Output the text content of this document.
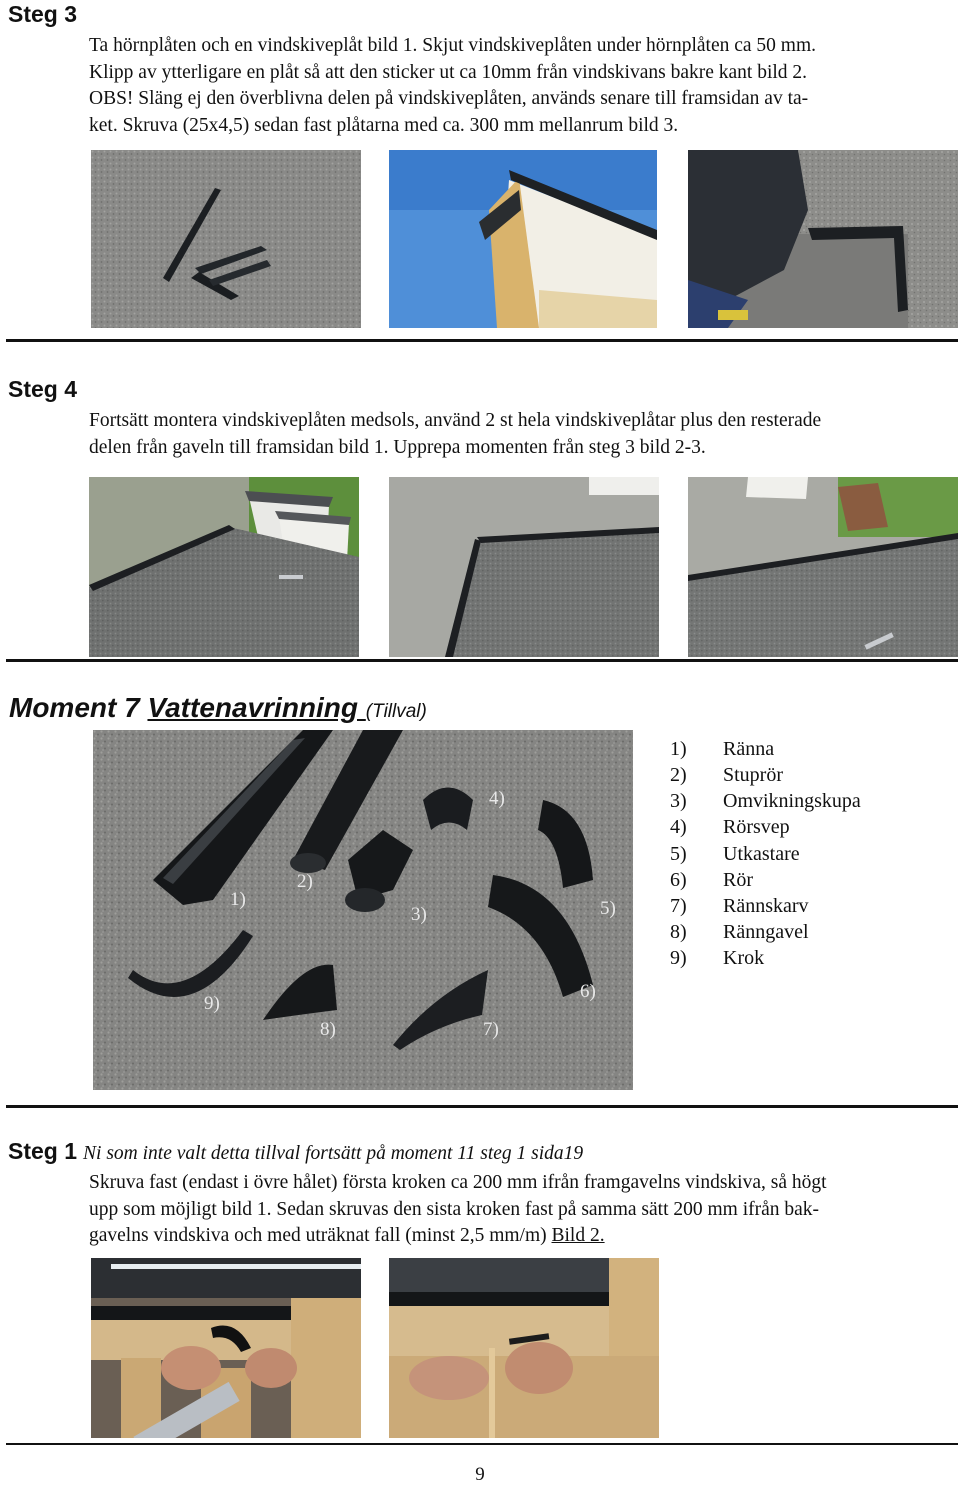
Steg 3
Ta hörnplåten och en vindskiveplåt bild 1. Skjut vindskiveplåten under hörnplåten ca 50 mm.
Klipp av ytterligare en plåt så att den sticker ut ca 10mm från vindskivans bakre kant bild 2.
OBS! Släng ej den överblivna delen på vindskiveplåten, används senare till framsidan av ta-
ket. Skruva (25x4,5) sedan fast plåtarna med ca. 300 mm mellanrum bild 3.
Steg 4
Fortsätt montera vindskiveplåten medsols, använd 2 st hela vindskiveplåtar plus den resterade
delen från gaveln till framsidan bild 1. Upprepa momenten från steg 3 bild 2-3.
Moment 7 Vattenavrinning (Tillval)
1)
2)
3)
4)
5)
6)
7)
8)
9)
1) Ränna
2) Stuprör
3) Omvikningskupa
4) Rörsvep
5) Utkastare
6) Rör
7) Rännskarv
8) Ränngavel
9) Krok
Steg 1 Ni som inte valt detta tillval fortsätt på moment 11 steg 1 sida19
Skruva fast (endast i övre hålet) första kroken ca 200 mm ifrån framgavelns vindskiva, så högt
upp som möjligt bild 1. Sedan skruvas den sista kroken fast på samma sätt 200 mm ifrån bak-
gavelns vindskiva och med uträknat fall (minst 2,5 mm/m) Bild 2.
9
